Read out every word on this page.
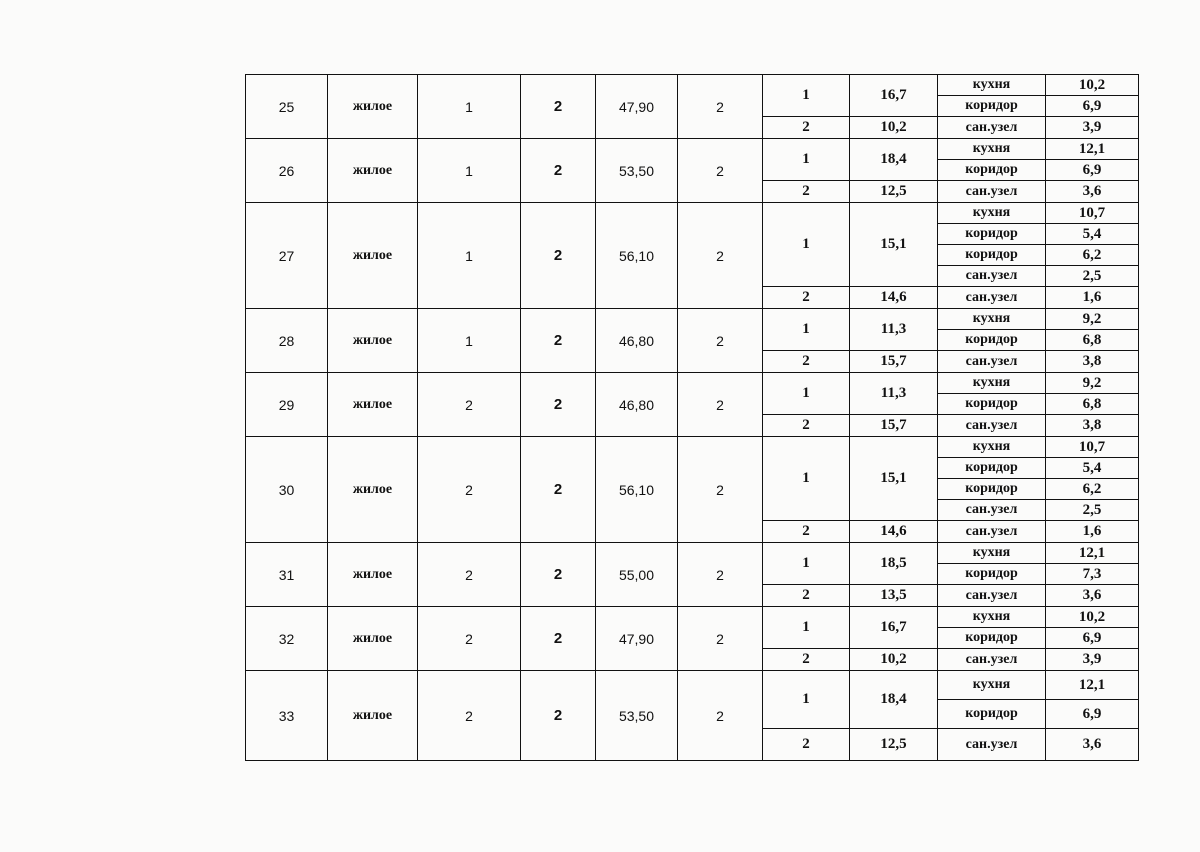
25	жилое	1	2	47,90	2	1	16,7	кухня	10,2
								коридор	6,9
						2	10,2	сан.узел	3,9
26	жилое	1	2	53,50	2	1	18,4	кухня	12,1
								коридор	6,9
						2	12,5	сан.узел	3,6
27	жилое	1	2	56,10	2	1	15,1	кухня	10,7
								коридор	5,4
								коридор	6,2
								сан.узел	2,5
						2	14,6	сан.узел	1,6
28	жилое	1	2	46,80	2	1	11,3	кухня	9,2
								коридор	6,8
						2	15,7	сан.узел	3,8
29	жилое	2	2	46,80	2	1	11,3	кухня	9,2
								коридор	6,8
						2	15,7	сан.узел	3,8
30	жилое	2	2	56,10	2	1	15,1	кухня	10,7
								коридор	5,4
								коридор	6,2
								сан.узел	2,5
						2	14,6	сан.узел	1,6
31	жилое	2	2	55,00	2	1	18,5	кухня	12,1
								коридор	7,3
						2	13,5	сан.узел	3,6
32	жилое	2	2	47,90	2	1	16,7	кухня	10,2
								коридор	6,9
						2	10,2	сан.узел	3,9
33	жилое	2	2	53,50	2	1	18,4	кухня	12,1
								коридор	6,9
						2	12,5	сан.узел	3,6
